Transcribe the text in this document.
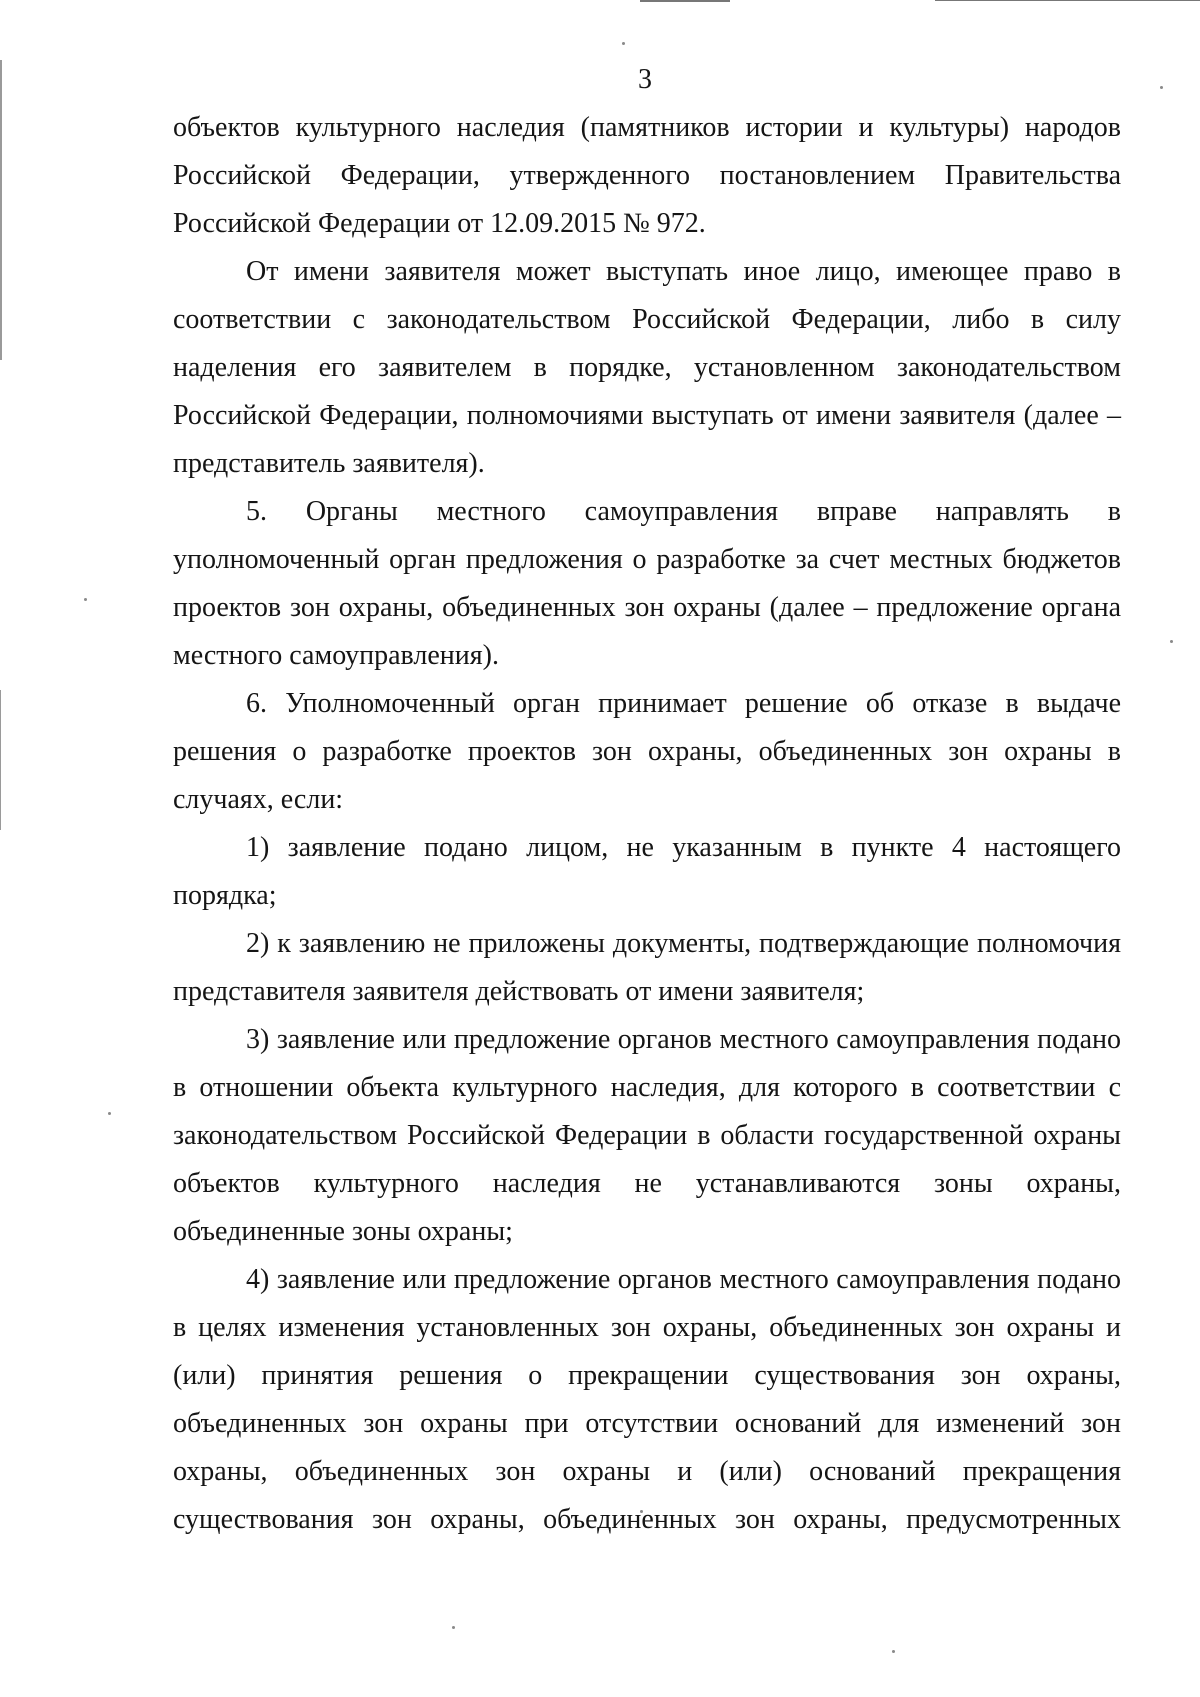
3

объектов культурного наследия (памятников истории и культуры) народов Российской Федерации, утвержденного постановлением Правительства Российской Федерации от 12.09.2015 № 972.

От имени заявителя может выступать иное лицо, имеющее право в соответствии с законодательством Российской Федерации, либо в силу наделения его заявителем в порядке, установленном законодательством Российской Федерации, полномочиями выступать от имени заявителя (далее – представитель заявителя).

5. Органы местного самоуправления вправе направлять в уполномоченный орган предложения о разработке за счет местных бюджетов проектов зон охраны, объединенных зон охраны (далее – предложение органа местного самоуправления).

6. Уполномоченный орган принимает решение об отказе в выдаче решения о разработке проектов зон охраны, объединенных зон охраны в случаях, если:

1) заявление подано лицом, не указанным в пункте 4 настоящего порядка;

2) к заявлению не приложены документы, подтверждающие полномочия представителя заявителя действовать от имени заявителя;

3) заявление или предложение органов местного самоуправления подано в отношении объекта культурного наследия, для которого в соответствии с законодательством Российской Федерации в области государственной охраны объектов культурного наследия не устанавливаются зоны охраны, объединенные зоны охраны;

4) заявление или предложение органов местного самоуправления подано в целях изменения установленных зон охраны, объединенных зон охраны и (или) принятия решения о прекращении существования зон охраны, объединенных зон охраны при отсутствии оснований для изменений зон охраны, объединенных зон охраны и (или) оснований прекращения существования зон охраны, объединенных зон охраны, предусмотренных
